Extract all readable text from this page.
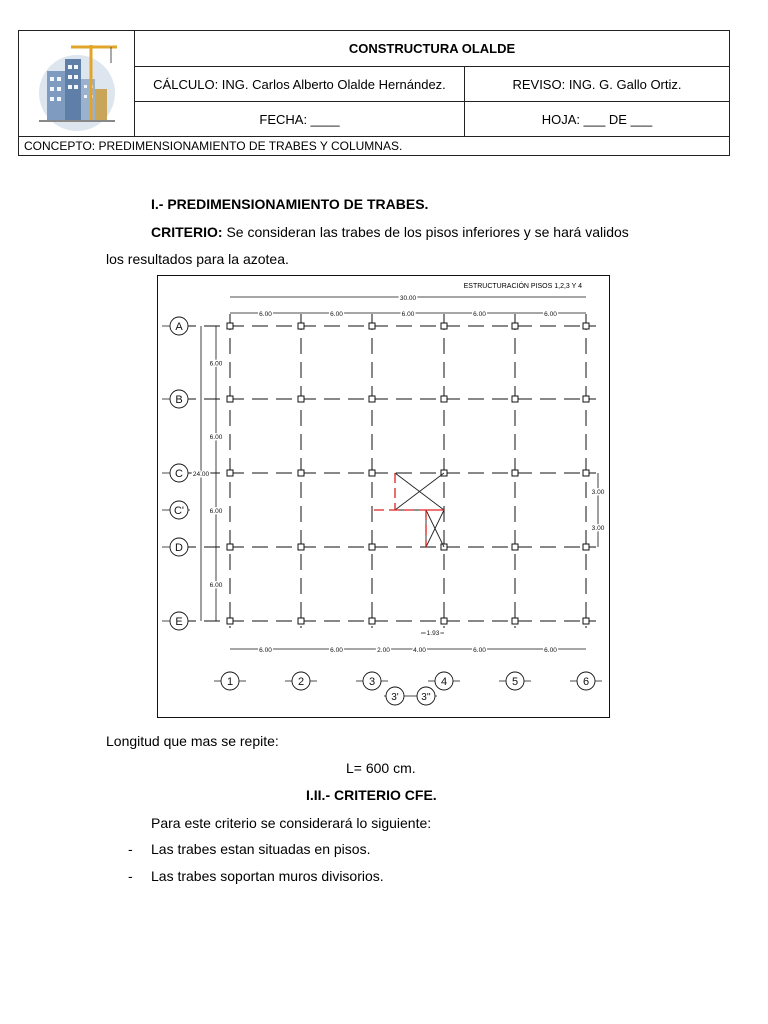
CONSTRUCTURA OLALDE
CÁLCULO: ING. Carlos Alberto Olalde Hernández.	REVISO: ING. G. Gallo Ortiz.
FECHA: ____	HOJA: ___ DE ___
CONCEPTO: PREDIMENSIONAMIENTO DE TRABES Y COLUMNAS.
I.- PREDIMENSIONAMIENTO DE TRABES.
CRITERIO: Se consideran las trabes de los pisos inferiores y se hará validos
los resultados para la azotea.
ESTRUCTURACIÓN PISOS 1,2,3 Y 4
30.00
6.00	6.00	6.00	6.00	6.00
24.00
6.00
6.00
6.00
6.00
3.00
3.00
6.00	6.00	2.00	4.00	6.00	6.00
1.93
A
B
C
C'
D
E
1	2	3	4	5	6
3' 3''
Longitud que mas se repite:
L= 600 cm.
I.II.- CRITERIO CFE.
Para este criterio se considerará lo siguiente:
- Las trabes estan situadas en pisos.
- Las trabes soportan muros divisorios.
